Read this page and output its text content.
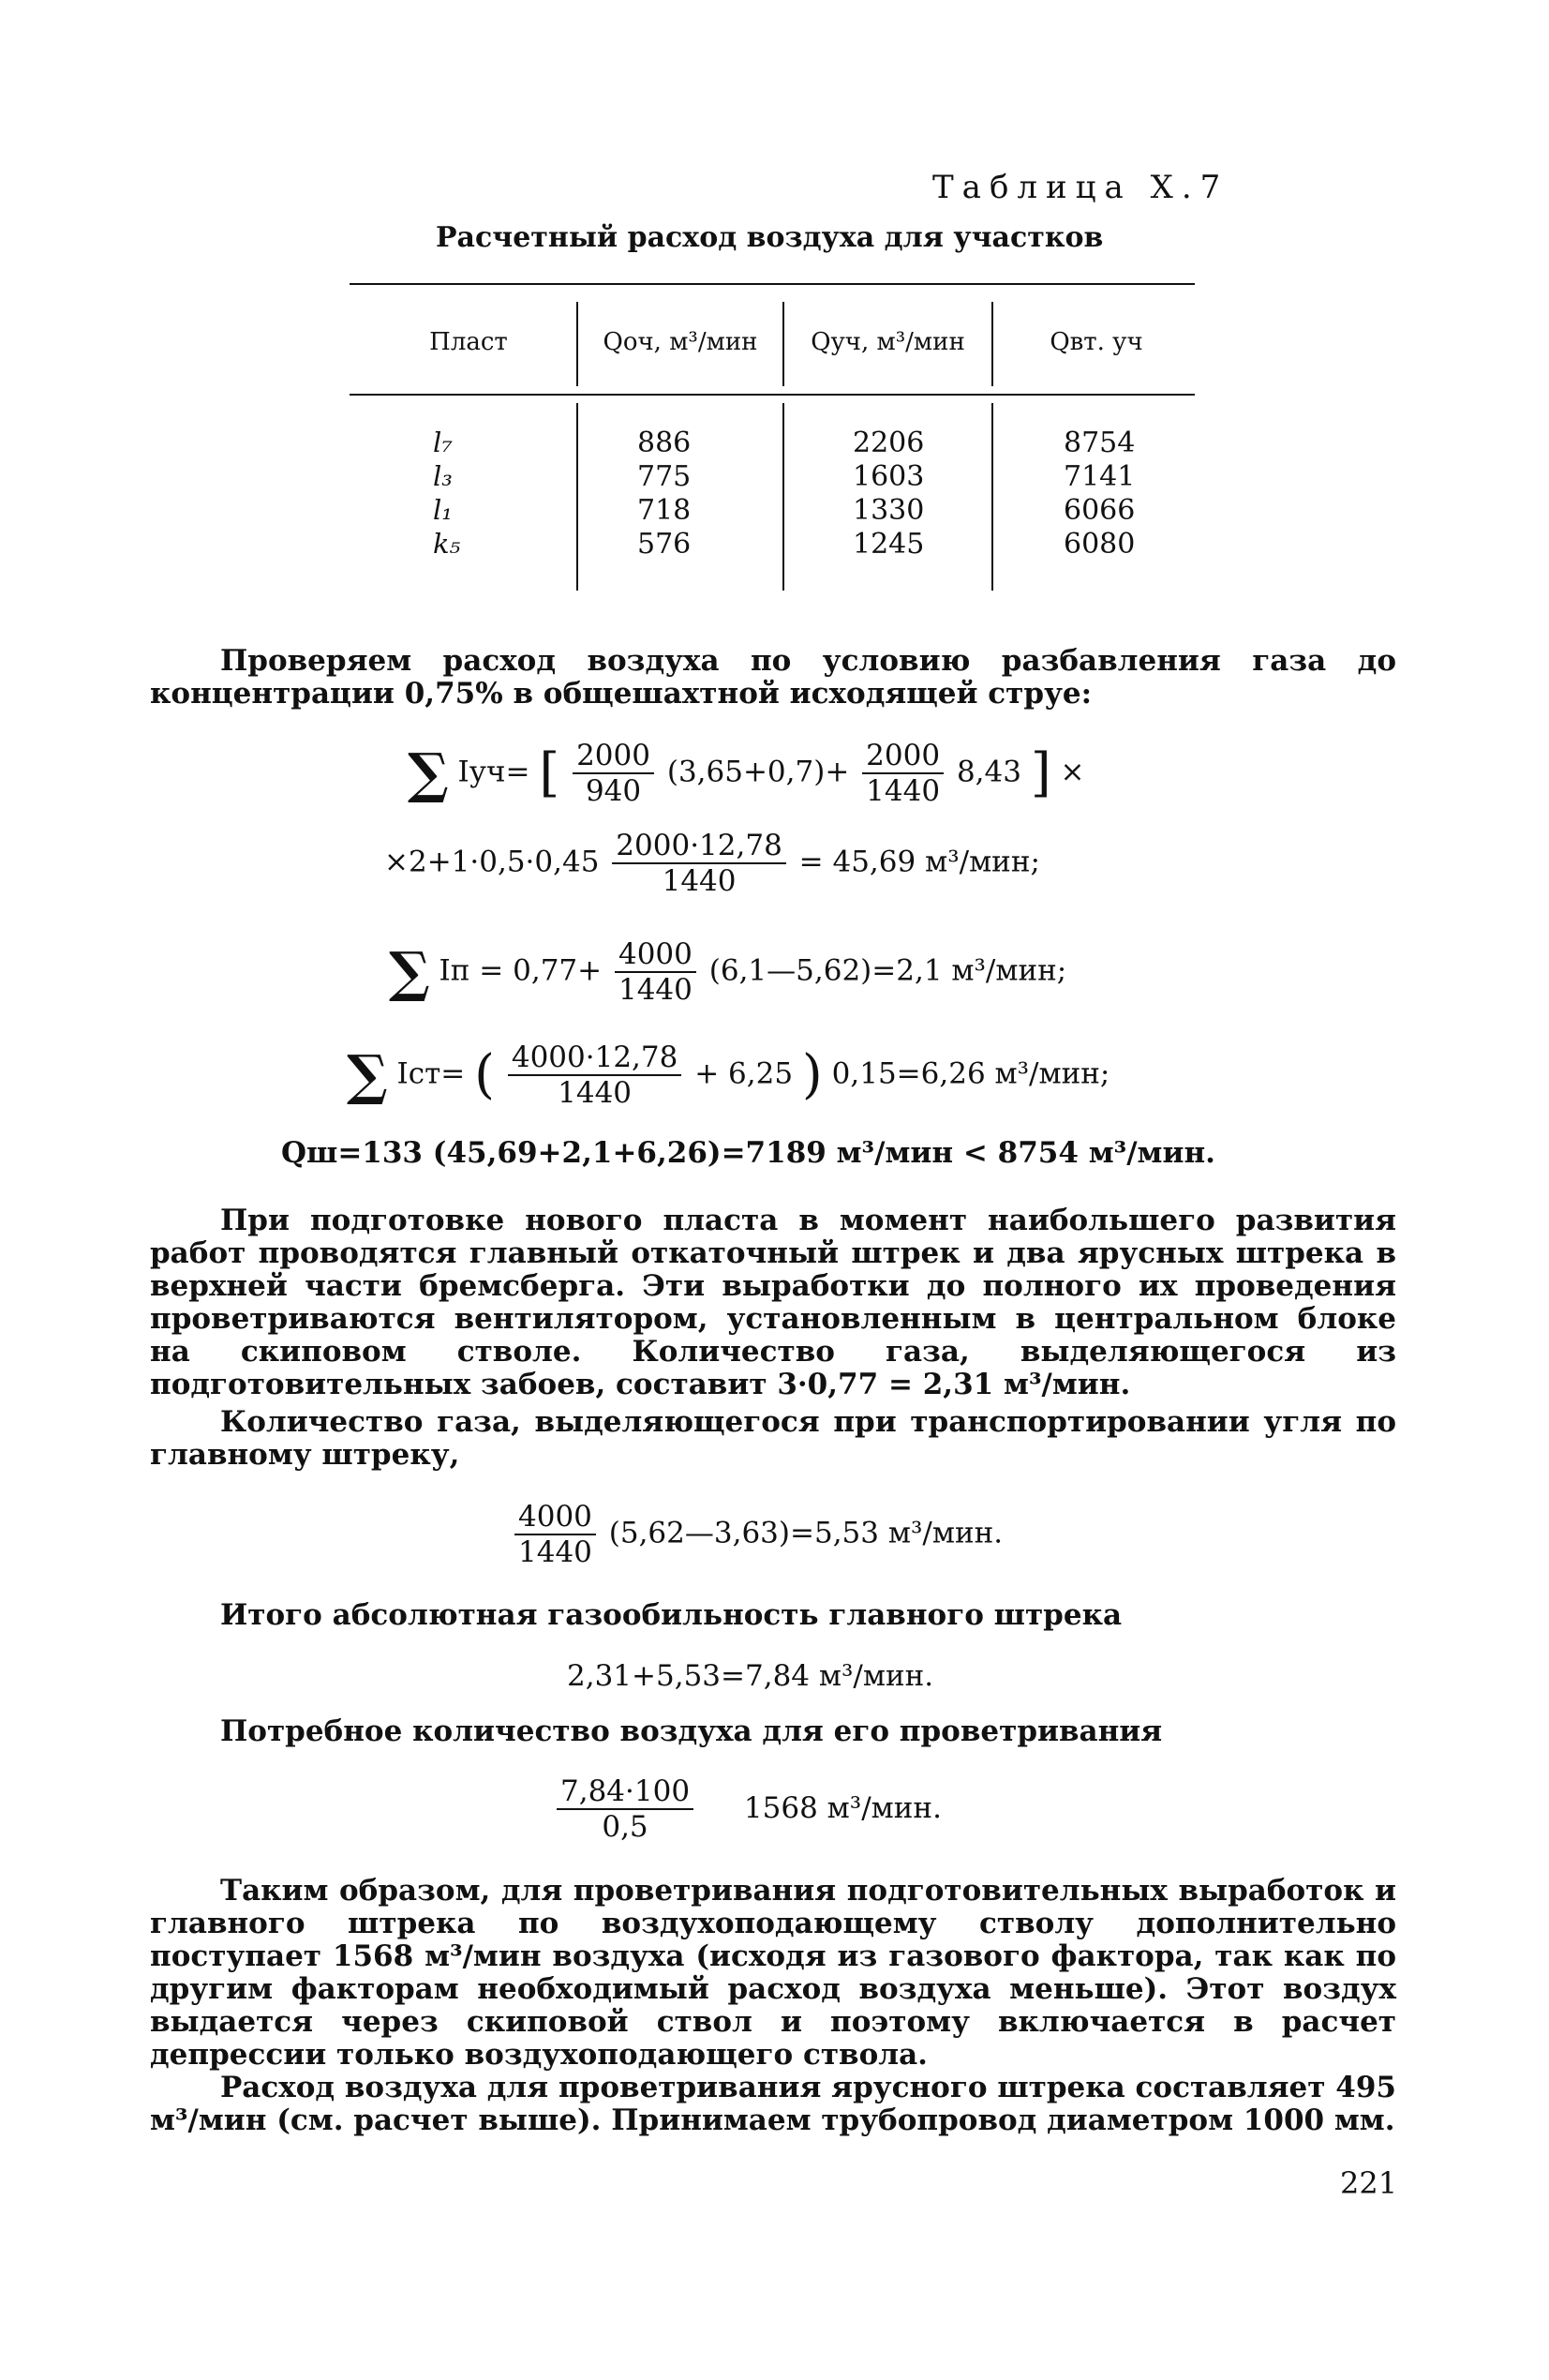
Таблица Х.7
Расчетный расход воздуха для участков
Пласт	Qоч, м³/мин	Qуч, м³/мин	Qвт. уч
l₇	886	2206	8754
l₃	775	1603	7141
l₁	718	1330	6066
k₅	576	1245	6080
Проверяем расход воздуха по условию разбавления газа до концентрации 0,75% в общешахтной исходящей струе:
∑ Iуч= [ $\frac{2000}{940} (3,65+0,7)+ \frac{2000}{1440} 8,43$ ] ×
$\times 2+1\cdot 0,5\cdot 0,45 \frac{2000\cdot 12,78}{1440} = 45,69$ м³/мин;
∑ Iп = $0,77+ \frac{4000}{1440}$ (6,1—5,62)=2,1 м³/мин;
∑ Iст= ( $\frac{4000\cdot 12,78}{1440} + 6,25$ ) 0,15=6,26 м³/мин;
Qш=133 (45,69+2,1+6,26)=7189 м³/мин < 8754 м³/мин.
При подготовке нового пласта в момент наибольшего развития работ проводятся главный откаточный штрек и два ярусных штрека в верхней части бремсберга. Эти выработки до полного их проведения проветриваются вентилятором, установленным в центральном блоке на скиповом стволе. Количество газа, выделяющегося из подготовительных забоев, составит 3·0,77 = 2,31 м³/мин.
Количество газа, выделяющегося при транспортировании угля по главному штреку,
$\frac{4000}{1440}$ (5,62—3,63)=5,53 м³/мин.
Итого абсолютная газообильность главного штрека
2,31+5,53=7,84 м³/мин.
Потребное количество воздуха для его проветривания
$\frac{7,84\cdot 100}{0,5} 1568$ м³/мин.
Таким образом, для проветривания подготовительных выработок и главного штрека по воздухоподающему стволу дополнительно поступает 1568 м³/мин воздуха (исходя из газового фактора, так как по другим факторам необходимый расход воздуха меньше). Этот воздух выдается через скиповой ствол и поэтому включается в расчет депрессии только воздухоподающего ствола.
Расход воздуха для проветривания ярусного штрека составляет 495 м³/мин (см. расчет выше). Принимаем трубопровод диаметром 1000 мм.
221
